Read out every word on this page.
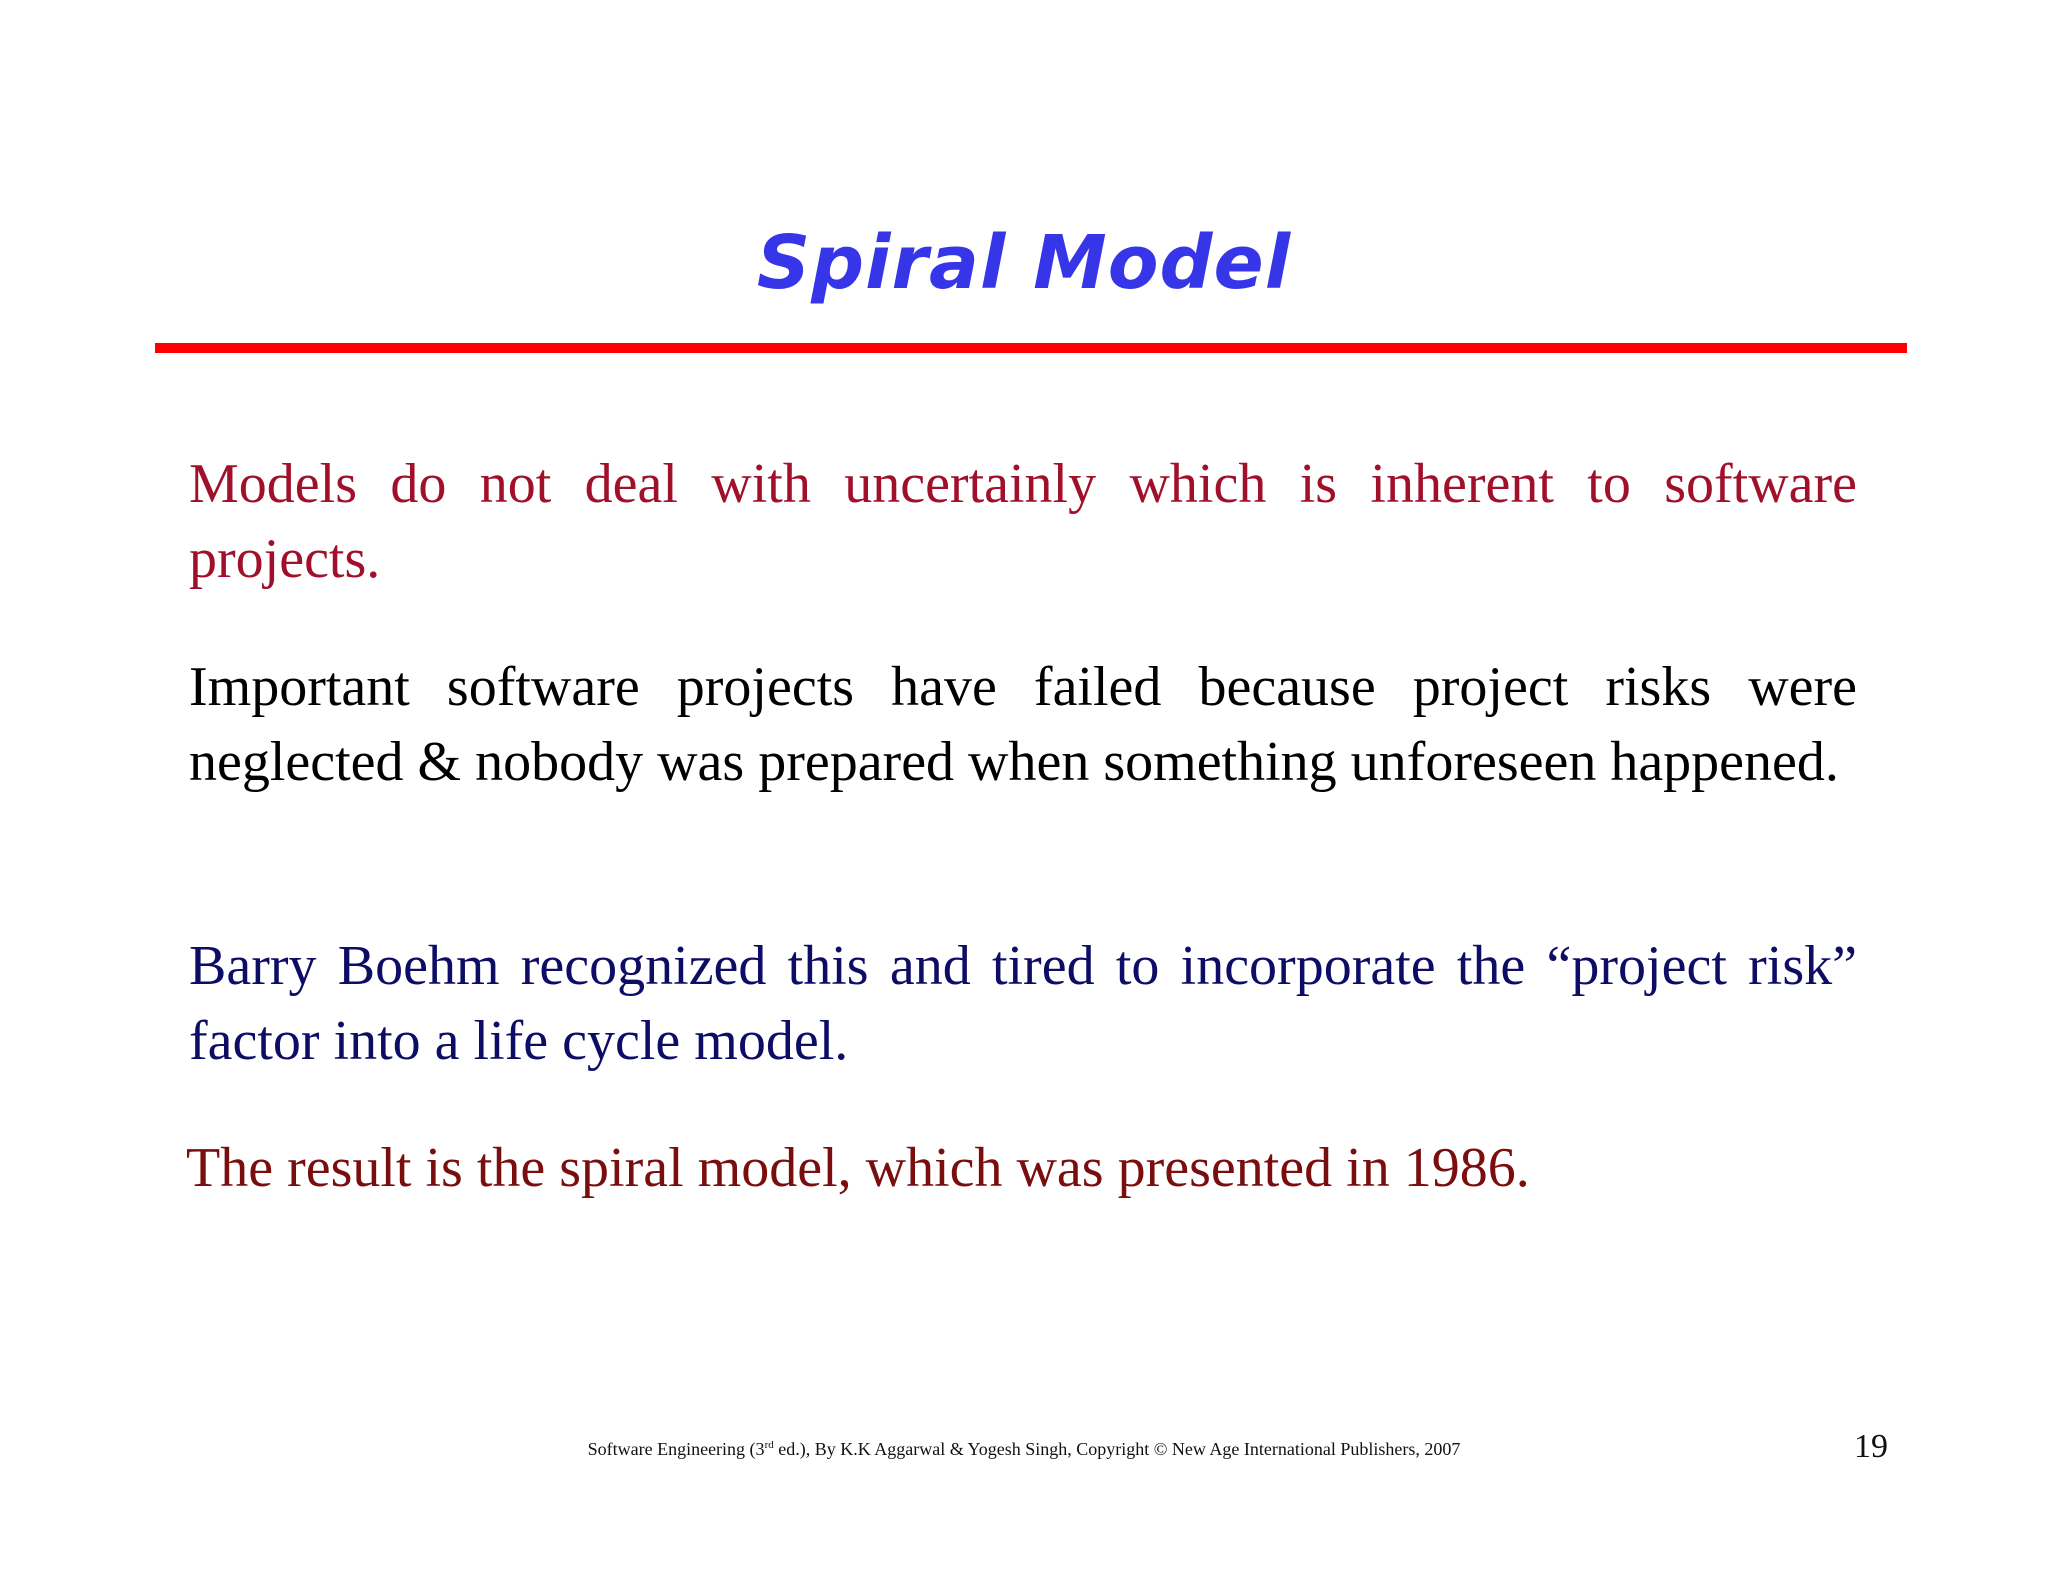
Spiral Model

Models do not deal with uncertainly which is inherent to software projects.

Important software projects have failed because project risks were neglected & nobody was prepared when something unforeseen happened.

Barry Boehm recognized this and tired to incorporate the “project risk” factor into a life cycle model.

The result is the spiral model, which was presented in 1986.

Software Engineering (3rd ed.), By K.K Aggarwal & Yogesh Singh, Copyright © New Age International Publishers, 2007	19
